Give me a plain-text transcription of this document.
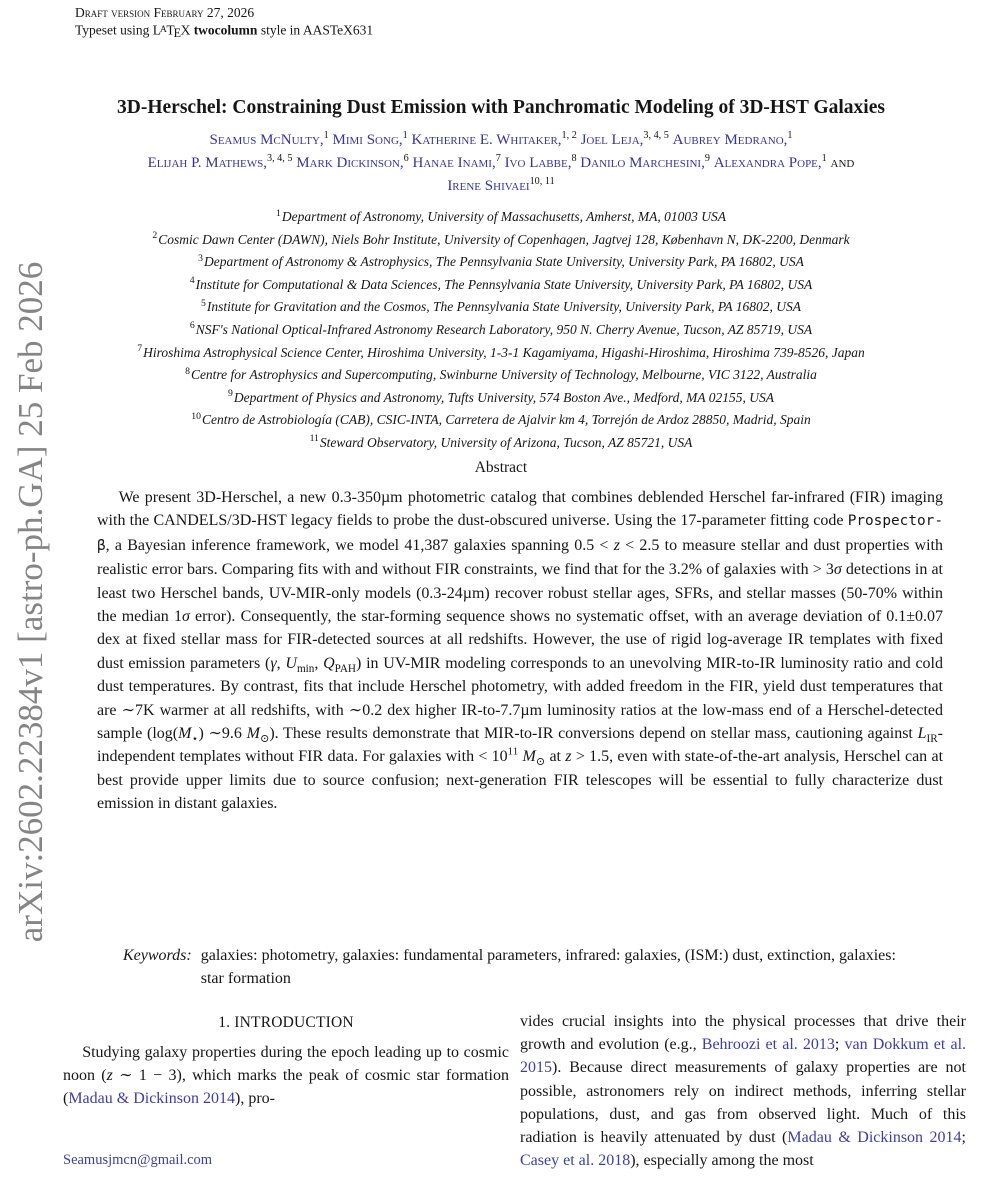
arXiv:2602.22384v1 [astro-ph.GA] 25 Feb 2026
Draft version February 27, 2026
Typeset using LATEX twocolumn style in AASTeX631
3D-Herschel: Constraining Dust Emission with Panchromatic Modeling of 3D-HST Galaxies
Seamus McNulty,$^1$ Mimi Song,$^1$ Katherine E. Whitaker,$^{1, 2}$ Joel Leja,$^{3, 4, 5}$ Aubrey Medrano,$^1$
Elijah P. Mathews,$^{3, 4, 5}$ Mark Dickinson,$^6$ Hanae Inami,$^7$ Ivo Labbe,$^8$ Danilo Marchesini,$^9$ Alexandra Pope,$^1$ and
Irene Shivaei$^{10, 11}$
$^1$Department of Astronomy, University of Massachusetts, Amherst, MA, 01003 USA
$^2$Cosmic Dawn Center (DAWN), Niels Bohr Institute, University of Copenhagen, Jagtvej 128, København N, DK-2200, Denmark
$^3$Department of Astronomy & Astrophysics, The Pennsylvania State University, University Park, PA 16802, USA
$^4$Institute for Computational & Data Sciences, The Pennsylvania State University, University Park, PA 16802, USA
$^5$Institute for Gravitation and the Cosmos, The Pennsylvania State University, University Park, PA 16802, USA
$^6$NSF's National Optical-Infrared Astronomy Research Laboratory, 950 N. Cherry Avenue, Tucson, AZ 85719, USA
$^7$Hiroshima Astrophysical Science Center, Hiroshima University, 1-3-1 Kagamiyama, Higashi-Hiroshima, Hiroshima 739-8526, Japan
$^8$Centre for Astrophysics and Supercomputing, Swinburne University of Technology, Melbourne, VIC 3122, Australia
$^9$Department of Physics and Astronomy, Tufts University, 574 Boston Ave., Medford, MA 02155, USA
$^{10}$Centro de Astrobiología (CAB), CSIC-INTA, Carretera de Ajalvir km 4, Torrejón de Ardoz 28850, Madrid, Spain
$^{11}$Steward Observatory, University of Arizona, Tucson, AZ 85721, USA
Abstract
We present 3D-Herschel, a new 0.3-350µm photometric catalog that combines deblended Herschel far-infrared (FIR) imaging with the CANDELS/3D-HST legacy fields to probe the dust-obscured universe. Using the 17-parameter fitting code Prospector-β, a Bayesian inference framework, we model 41,387 galaxies spanning 0.5 < z < 2.5 to measure stellar and dust properties with realistic error bars. Comparing fits with and without FIR constraints, we find that for the 3.2% of galaxies with > 3σ detections in at least two Herschel bands, UV-MIR-only models (0.3-24µm) recover robust stellar ages, SFRs, and stellar masses (50-70% within the median 1σ error). Consequently, the star-forming sequence shows no systematic offset, with an average deviation of 0.1±0.07 dex at fixed stellar mass for FIR-detected sources at all redshifts. However, the use of rigid log-average IR templates with fixed dust emission parameters (γ, $U_{min}$, $Q_{PAH}$) in UV-MIR modeling corresponds to an unevolving MIR-to-IR luminosity ratio and cold dust temperatures. By contrast, fits that include Herschel photometry, with added freedom in the FIR, yield dust temperatures that are ∼7K warmer at all redshifts, with ∼0.2 dex higher IR-to-7.7µm luminosity ratios at the low-mass end of a Herschel-detected sample ($\log(M_⋆)$ ∼9.6 $M_⊙$). These results demonstrate that MIR-to-IR conversions depend on stellar mass, cautioning against $L_{IR}$-independent templates without FIR data. For galaxies with < $10^{11}$ $M_⊙$ at z > 1.5, even with state-of-the-art analysis, Herschel can at best provide upper limits due to source confusion; next-generation FIR telescopes will be essential to fully characterize dust emission in distant galaxies.
Keywords: galaxies: photometry, galaxies: fundamental parameters, infrared: galaxies, (ISM:) dust, extinction, galaxies: star formation
1. INTRODUCTION

Studying galaxy properties during the epoch leading up to cosmic noon (z ∼ 1 − 3), which marks the peak of cosmic star formation (Madau & Dickinson 2014), pro-

vides crucial insights into the physical processes that drive their growth and evolution (e.g., Behroozi et al. 2013; van Dokkum et al. 2015). Because direct measurements of galaxy properties are not possible, astronomers rely on indirect methods, inferring stellar populations, dust, and gas from observed light. Much of this radiation is heavily attenuated by dust (Madau & Dickinson 2014; Casey et al. 2018), especially among the most

Seamusjmcn@gmail.com
